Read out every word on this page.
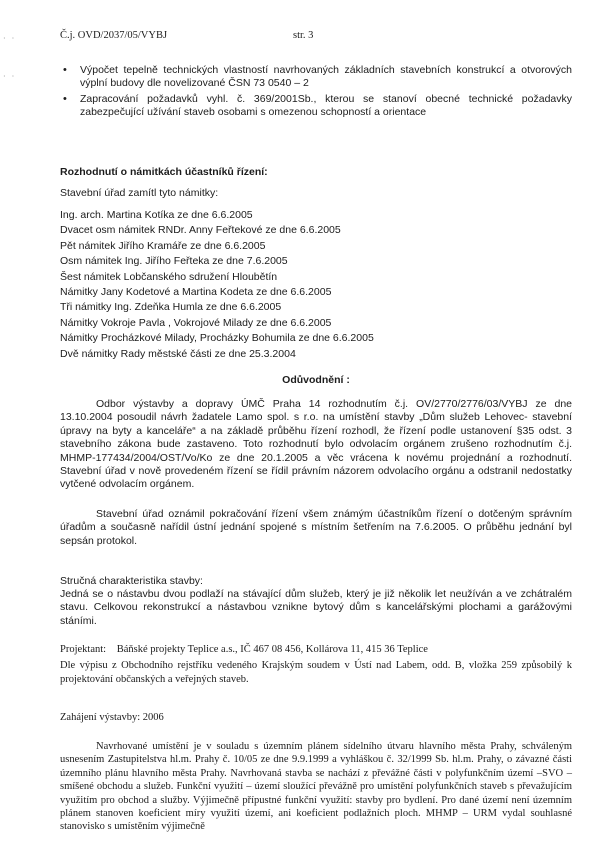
· ·
· ·
Č.j. OVD/2037/05/VYBJ	str. 3
• Výpočet tepelně technických vlastností navrhovaných základních stavebních konstrukcí a otvorových výplní budovy dle novelizované ČSN 73 0540 – 2
• Zapracování požadavků vyhl. č. 369/2001Sb., kterou se stanoví obecné technické požadavky zabezpečující užívání staveb osobami s omezenou schopností a orientace
Rozhodnutí o námitkách účastníků řízení:
Stavební úřad zamítl tyto námitky:
Ing. arch. Martina Kotíka ze dne 6.6.2005
Dvacet osm námitek RNDr. Anny Feřtekové ze dne 6.6.2005
Pět námitek Jiřího Kramáře ze dne 6.6.2005
Osm námitek Ing. Jiřího Feřteka ze dne 7.6.2005
Šest námitek Lobčanského sdružení Hloubětín
Námitky Jany Kodetové a Martina Kodeta ze dne 6.6.2005
Tři námitky Ing. Zdeňka Humla ze dne 6.6.2005
Námitky Vokroje Pavla , Vokrojové Milady ze dne 6.6.2005
Námitky Procházkové Milady, Procházky Bohumila ze dne 6.6.2005
Dvě námitky Rady městské části ze dne 25.3.2004
Odůvodnění :

Odbor výstavby a dopravy ÚMČ Praha 14 rozhodnutím č.j. OV/2770/2776/03/VYBJ ze dne 13.10.2004 posoudil návrh žadatele Lamo spol. s r.o. na umístění stavby „Dům služeb Lehovec- stavební úpravy na byty a kanceláře“ a na základě průběhu řízení rozhodl, že řízení podle ustanovení §35 odst. 3 stavebního zákona bude zastaveno. Toto rozhodnutí bylo odvolacím orgánem zrušeno rozhodnutím č.j. MHMP-177434/2004/OST/Vo/Ko ze dne 20.1.2005 a věc vrácena k novému projednání a rozhodnutí. Stavební úřad v nově provedeném řízení se řídil právním názorem odvolacího orgánu a odstranil nedostatky vytčené odvolacím orgánem.

Stavební úřad oznámil pokračování řízení všem známým účastníkům řízení o dotčeným správním úřadům a současně nařídil ústní jednání spojené s místním šetřením na 7.6.2005. O průběhu jednání byl sepsán protokol.

Stručná charakteristika stavby:

Jedná se o nástavbu dvou podlaží na stávající dům služeb, který je již několik let neužíván a ve zchátralém stavu. Celkovou rekonstrukcí a nástavbou vznikne bytový dům s kancelářskými plochami a garážovými stáními.

Projektant: Báňské projekty Teplice a.s., IČ 467 08 456, Kollárova 11, 415 36 Teplice

Dle výpisu z Obchodního rejstříku vedeného Krajským soudem v Ústí nad Labem, odd. B, vložka 259 způsobilý k projektování občanských a veřejných staveb.

Zahájení výstavby: 2006

Navrhované umístění je v souladu s územním plánem sídelního útvaru hlavního města Prahy, schváleným usnesením Zastupitelstva hl.m. Prahy č. 10/05 ze dne 9.9.1999 a vyhláškou č. 32/1999 Sb. hl.m. Prahy, o závazné části územního plánu hlavního města Prahy. Navrhovaná stavba se nachází z převážné části v polyfunkčním území –SVO – smíšené obchodu a služeb. Funkční využití – území sloužící převážně pro umístění polyfunkčních staveb s převažujícím využitím pro obchod a služby. Výjimečně přípustné funkční využití: stavby pro bydlení. Pro dané území není územním plánem stanoven koeficient míry využití území, ani koeficient podlažních ploch. MHMP – URM vydal souhlasné stanovisko s umístěním výjimečně
